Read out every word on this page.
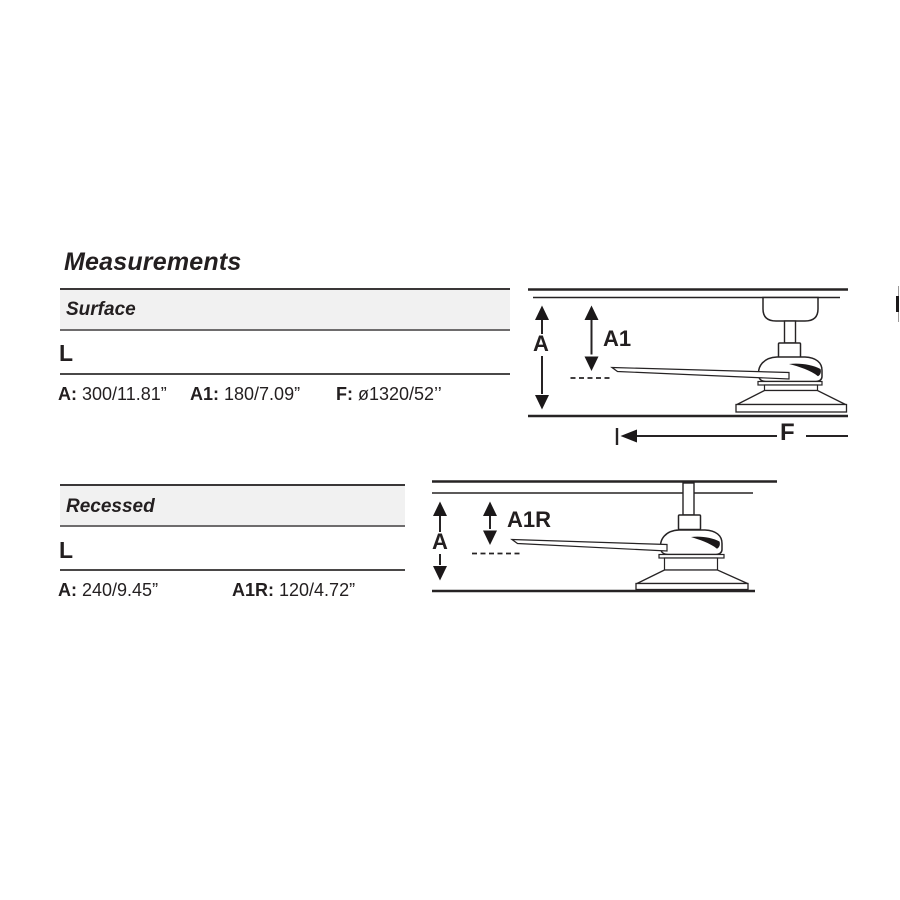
Measurements
Surface
L
A: 300/11.81” A1: 180/7.09” F: ø1320/52’’
A A1
F
Recessed
L
A: 240/9.45”	A1R: 120/4.72”
A
A1R
